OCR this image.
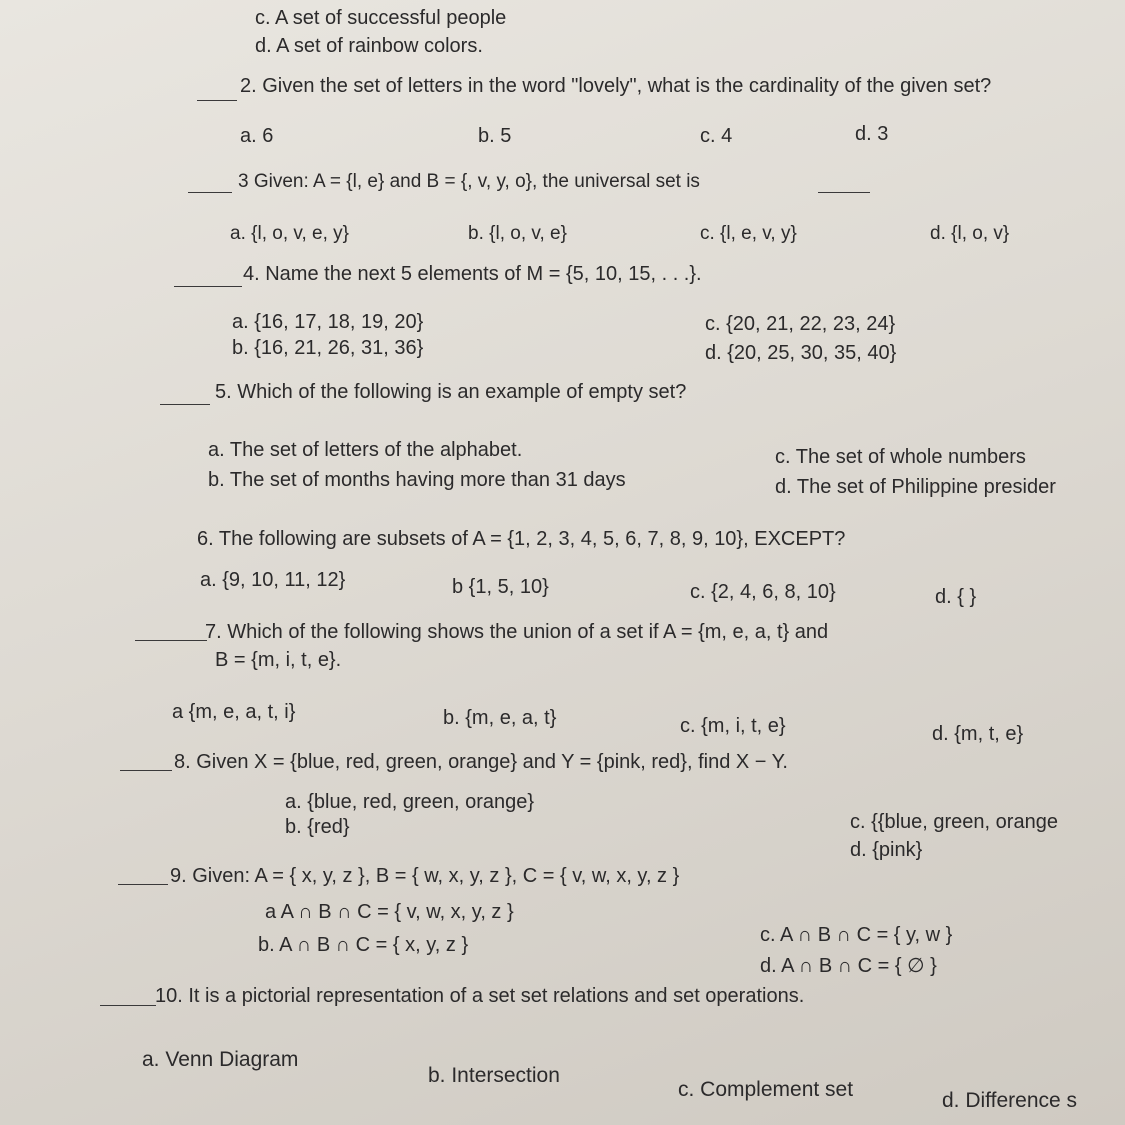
c. A set of successful people
d. A set of rainbow colors.
2. Given the set of letters in the word "lovely", what is the cardinality of the given set?
a. 6	b. 5	c. 4	d. 3
3 Given: A = {l, e} and B = {, v, y, o}, the universal set is
a. {l, o, v, e, y}	b. {l, o, v, e}	c. {l, e, v, y}	d. {l, o, v}
4. Name the next 5 elements of M = {5, 10, 15, . . .}.
a. {16, 17, 18, 19, 20}
b. {16, 21, 26, 31, 36}
c. {20, 21, 22, 23, 24}
d. {20, 25, 30, 35, 40}
5. Which of the following is an example of empty set?
a. The set of letters of the alphabet.
b. The set of months having more than 31 days
c. The set of whole numbers
d. The set of Philippine presider
6. The following are subsets of A = {1, 2, 3, 4, 5, 6, 7, 8, 9, 10}, EXCEPT?
a. {9, 10, 11, 12}	b {1, 5, 10}	c. {2, 4, 6, 8, 10}	d. { }
7. Which of the following shows the union of a set if A = {m, e, a, t} and
B = {m, i, t, e}.
a {m, e, a, t, i}	b. {m, e, a, t}	c. {m, i, t, e}	d. {m, t, e}
8. Given X = {blue, red, green, orange} and Y = {pink, red}, find X − Y.
a. {blue, red, green, orange}
b. {red}	c. {{blue, green, orange
d. {pink}
9. Given: A = { x, y, z }, B = { w, x, y, z }, C = { v, w, x, y, z }
a A ∩ B ∩ C = { v, w, x, y, z }
b. A ∩ B ∩ C = { x, y, z }	c. A ∩ B ∩ C = { y, w }
d. A ∩ B ∩ C = { ∅ }
10. It is a pictorial representation of a set set relations and set operations.
a. Venn Diagram
b. Intersection
c. Complement set	d. Difference s
